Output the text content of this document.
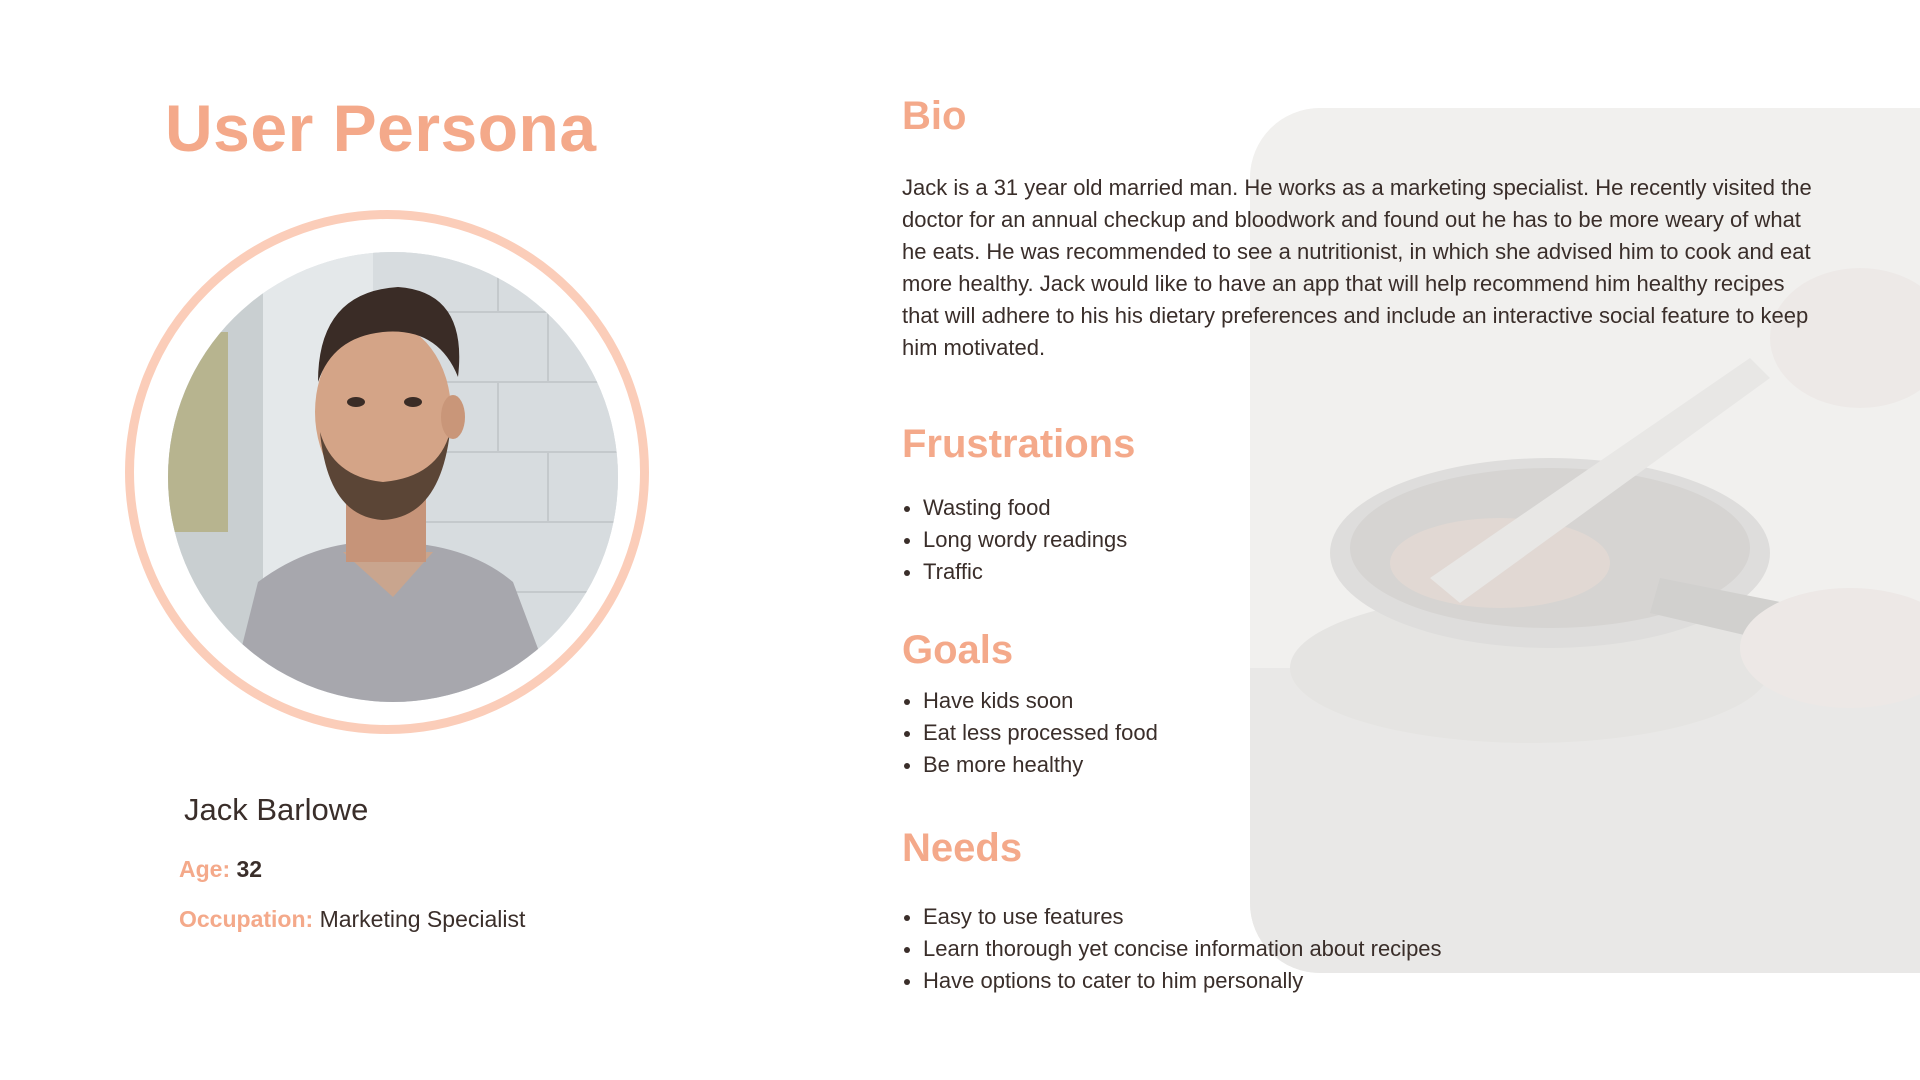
User Persona
Jack Barlowe
Age: 32
Occupation: Marketing Specialist
Bio

Jack is a 31 year old married man. He works as a marketing specialist. He recently visited the doctor for an annual checkup and bloodwork and found out he has to be more weary of what he eats. He was recommended to see a nutritionist, in which she advised him to cook and eat more healthy. Jack would like to have an app that will help recommend him healthy recipes that will adhere to his his dietary preferences and include an interactive social feature to keep him motivated.

Frustrations
Wasting food
Long wordy readings
Traffic
Goals
Have kids soon
Eat less processed food
Be more healthy
Needs
Easy to use features
Learn thorough yet concise information about recipes
Have options to cater to him personally
